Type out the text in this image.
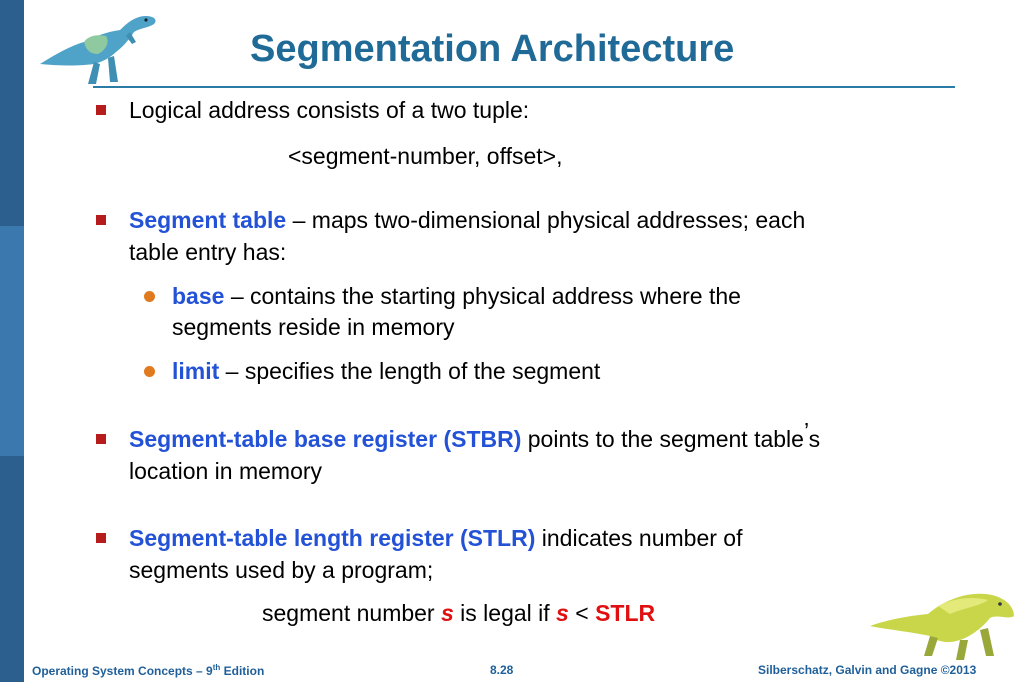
Segmentation Architecture
Logical address consists of a two tuple:
<segment-number, offset>,
Segment table – maps two-dimensional physical addresses; each
table entry has:
base – contains the starting physical address where the
segments reside in memory
limit – specifies the length of the segment
Segment-table base register (STBR) points to the segment table’s
location in memory
Segment-table length register (STLR) indicates number of
segments used by a program;
segment number s is legal if s < STLR
Operating System Concepts – 9th Edition	8.28	Silberschatz, Galvin and Gagne ©2013
